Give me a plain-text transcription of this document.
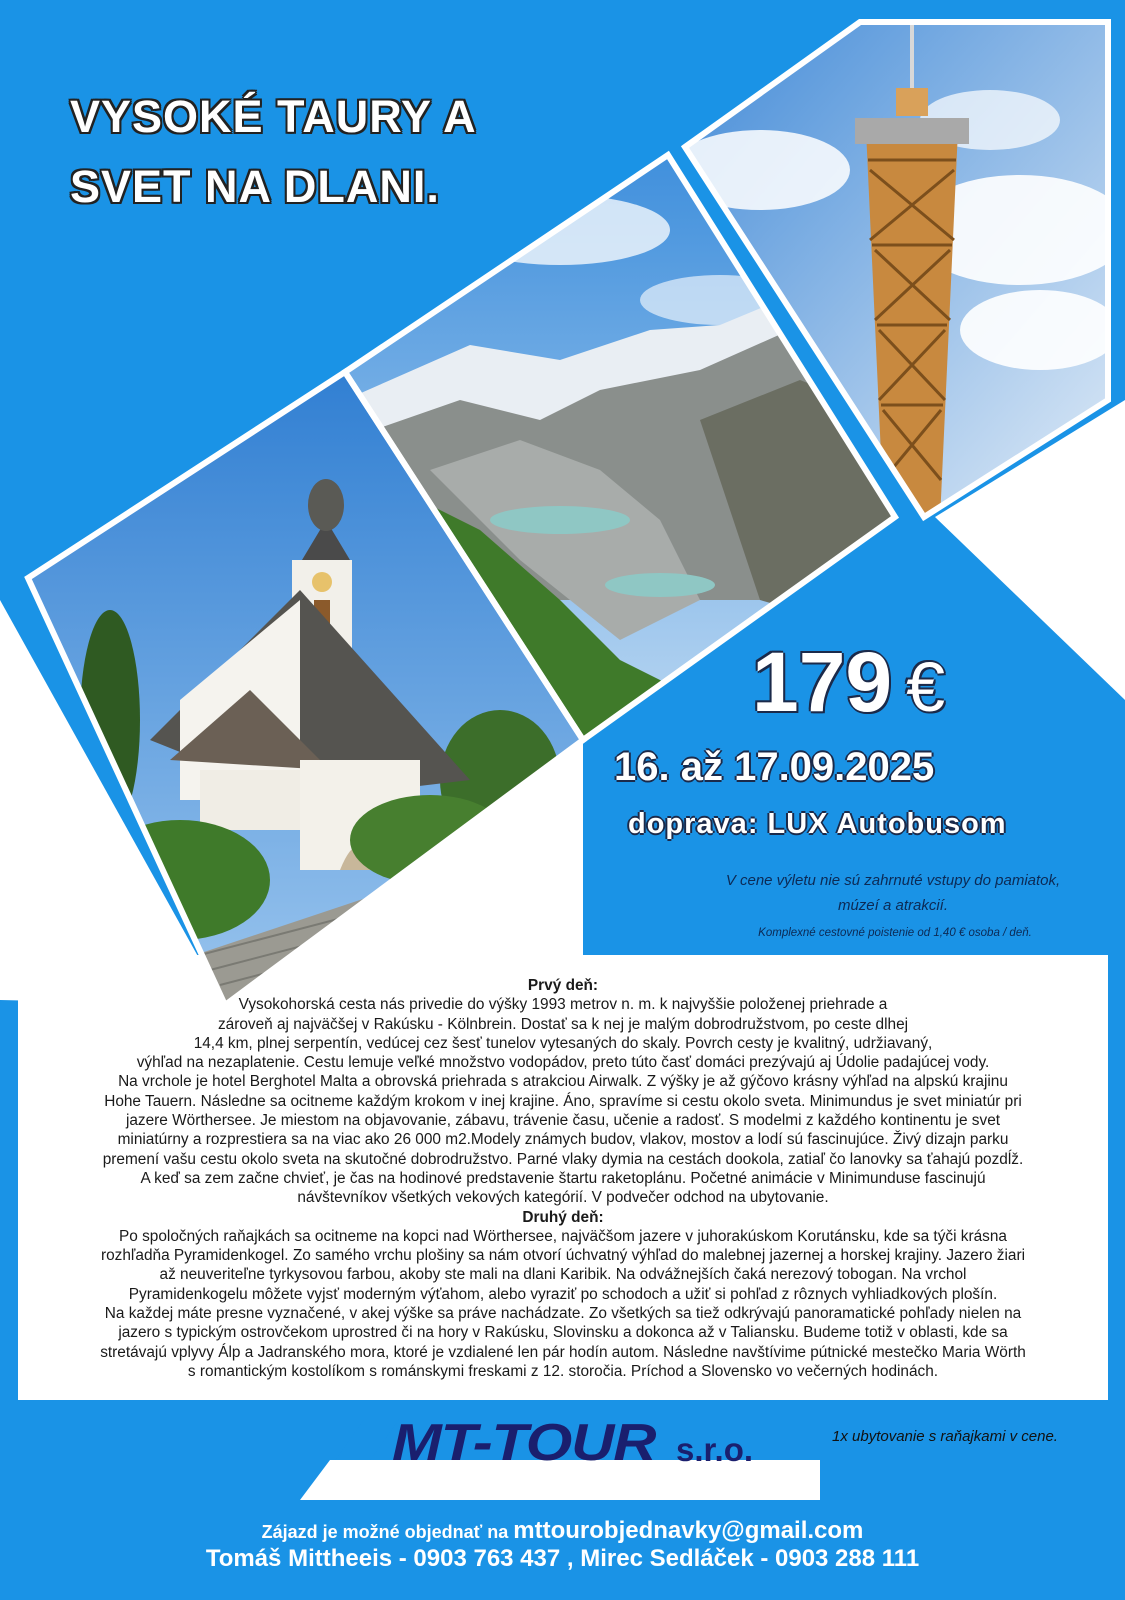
VYSOKÉ TAURY A
SVET NA DLANI.
179 €
16. až 17.09.2025
doprava: LUX Autobusom
V cene výletu nie sú zahrnuté vstupy do pamiatok,
múzeí a atrakcií.
Komplexné cestovné poistenie od 1,40 € osoba / deň.

Prvý deň:

Vysokohorská cesta nás privedie do výšky 1993 metrov n. m. k najvyššie položenej priehrade a

zároveň aj najväčšej v Rakúsku - Kölnbrein. Dostať sa k nej je malým dobrodružstvom, po ceste dlhej

14,4 km, plnej serpentín, vedúcej cez šesť tunelov vytesaných do skaly. Povrch cesty je kvalitný, udržiavaný,

výhľad na nezaplatenie. Cestu lemuje veľké množstvo vodopádov, preto túto časť domáci prezývajú aj Údolie padajúcej vody.

Na vrchole je hotel Berghotel Malta a obrovská priehrada s atrakciou Airwalk. Z výšky je až gýčovo krásny výhľad na alpskú krajinu

Hohe Tauern. Následne sa ocitneme každým krokom v inej krajine. Áno, spravíme si cestu okolo sveta. Minimundus je svet miniatúr pri

jazere Wörthersee. Je miestom na objavovanie, zábavu, trávenie času, učenie a radosť. S modelmi z každého kontinentu je svet

miniatúrny a rozprestiera sa na viac ako 26 000 m2.Modely známych budov, vlakov, mostov a lodí sú fascinujúce. Živý dizajn parku

premení vašu cestu okolo sveta na skutočné dobrodružstvo. Parné vlaky dymia na cestách dookola, zatiaľ čo lanovky sa ťahajú pozdĺž.

A keď sa zem začne chvieť, je čas na hodinové predstavenie štartu raketoplánu. Početné animácie v Minimunduse fascinujú

návštevníkov všetkých vekových kategórií. V podvečer odchod na ubytovanie.

Druhý deň:

Po spoločných raňajkách sa ocitneme na kopci nad Wörthersee, najväčšom jazere v juhorakúskom Korutánsku, kde sa týči krásna

rozhľadňa Pyramidenkogel. Zo samého vrchu plošiny sa nám otvorí úchvatný výhľad do malebnej jazernej a horskej krajiny. Jazero žiari

až neuveriteľne tyrkysovou farbou, akoby ste mali na dlani Karibik. Na odvážnejších čaká nerezový tobogan. Na vrchol

Pyramidenkogelu môžete vyjsť moderným výťahom, alebo vyraziť po schodoch a užiť si pohľad z rôznych vyhliadkových plošín.

Na každej máte presne vyznačené, v akej výške sa práve nachádzate. Zo všetkých sa tiež odkrývajú panoramatické pohľady nielen na

jazero s typickým ostrovčekom uprostred či na hory v Rakúsku, Slovinsku a dokonca až v Taliansku. Budeme totiž v oblasti, kde sa

stretávajú vplyvy Álp a Jadranského mora, ktoré je vzdialené len pár hodín autom. Následne navštívime pútnické mestečko Maria Wörth

s romantickým kostolíkom s románskymi freskami z 12. storočia. Príchod a Slovensko vo večerných hodinách.

MT-TOUR s.r.o.	1x ubytovanie s raňajkami v cene.
Zájazd je možné objednať na mttourobjednavky@gmail.com
Tomáš Mittheeis - 0903 763 437 , Mirec Sedláček - 0903 288 111
